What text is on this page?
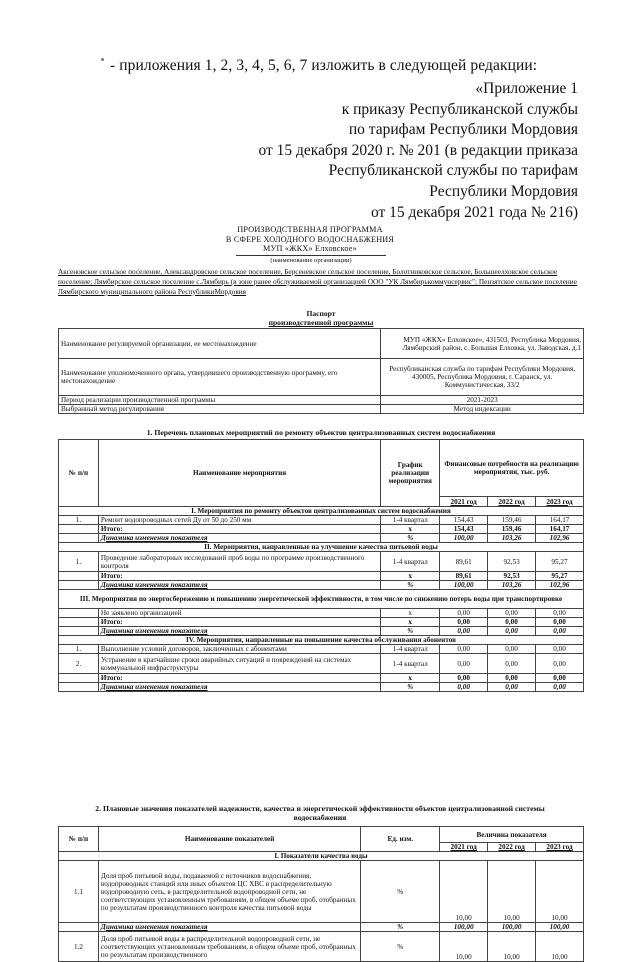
- приложения 1, 2, 3, 4, 5, 6, 7 изложить в следующей редакции:
«Приложение 1
к приказу Республиканской службы
по тарифам Республики Мордовия
от 15 декабря 2020 г. № 201 (в редакции приказа
Республиканской службы по тарифам
Республики Мордовия
от 15 декабря 2021 года № 216)
ПРОИЗВОДСТВЕННАЯ ПРОГРАММА
В СФЕРЕ ХОЛОДНОГО ВОДОСНАБЖЕНИЯ
МУП «ЖКХ» Елховское»
(наименование организации)
Аксеновское сельское поселение, Александровское сельское поселение, Берсеневское сельское поселение, Болотниковское сельское, Большеелховское сельское поселение; Лямбирское сельское поселение с.Лямбирь (в зоне ранее обслуживаемой организацией ООО "УК Лямбирькоммунсервис"; Пензятское сельское поселение Лямбирского муниципального района РеспубликиМордовия
Паспорт
производственной программы
Наименование регулируемой организации, ее местонахождение	МУП «ЖКХ» Елховское», 431503, Республика Мордовия, Лямбирский район, с. Большая Елховка, ул. Заводская, д.1
Наименование уполномоченного органа, утвердившего производственную программу, его местонахождение	Республиканская служба по тарифам Республики Мордовия, 430005, Республика Мордовия, г. Саранск, ул. Коммунистическая, 33/2
Период реализации производственной программы	2021-2023
Выбранный метод регулирования	Метод индексации
1. Перечень плановых мероприятий по ремонту объектов централизованных систем водоснабжения
№ п/п	Наименование мероприятия	График реализации мероприятия	Финансовые потребности на реализацию мероприятия, тыс. руб.		
			2021 год	2022 год	2023 год
I. Мероприятия по ремонту объектов централизованных систем водоснабжения					
1.	Ремонт водопроводных сетей Ду от 50 до 250 мм	1-4 квартал	154,43	159,46	164,17
	Итого:	х	154,43	159,46	164,17
	Динамика изменения показателя	%	100,00	103,26	102,96
II. Мероприятия, направленные на улучшение качества питьевой воды					
1.	Проведение лабораторных исследований проб воды по программе производственного контроля	1-4 квартал	89,61	92,53	95,27
	Итого:	х	89,61	92,53	95,27
	Динамика изменения показателя	%	100,00	103,26	102,96
III. Мероприятия по энергосбережению и повышению энергетической эффективности, в том числе по снижению потерь воды при транспортировке					
	Не заявлено организацией	х	0,00	0,00	0,00
	Итого:	х	0,00	0,00	0,00
	Динамика изменения показателя	%	0,00	0,00	0,00
IV. Мероприятия, направленные на повышение качества обслуживания абонентов					
1.	Выполнение условий договоров, заключенных с абонентами	1-4 квартал	0,00	0,00	0,00
2.	Устранение в кратчайшие сроки аварийных ситуаций и повреждений на системах коммунальной инфраструктуры	1-4 квартал	0,00	0,00	0,00
	Итого:	х	0,00	0,00	0,00
	Динамика изменения показателя	%	0,00	0,00	0,00
2. Плановые значения показателей надежности, качества и энергетической эффективности объектов централизованной системы водоснабжения
№ п/п	Наименование показателей	Ед. изм.	Величина показателя		
			2021 год	2022 год	2023 год
I. Показатели качества воды					
1.1	Доля проб питьевой воды, подаваемой с источников водоснабжения, водопроводных станций или иных объектов ЦС ХВС в распределительную водопроводную сеть, в распределительной водопроводной сети, не соответствующих установленным требованиям, в общем объеме проб, отобранных по результатам производственного контроля качества питьевой воды	%	10,00	10,00	10,00
	Динамика изменения показателя	%	100,00	100,00	100,00
1.2	Доля проб питьевой воды в распределительной водопроводной сети, не соответствующих установленным требованиям, в общем объеме проб, отобранных по результатам производственного	%	10,00	10,00	10,00
